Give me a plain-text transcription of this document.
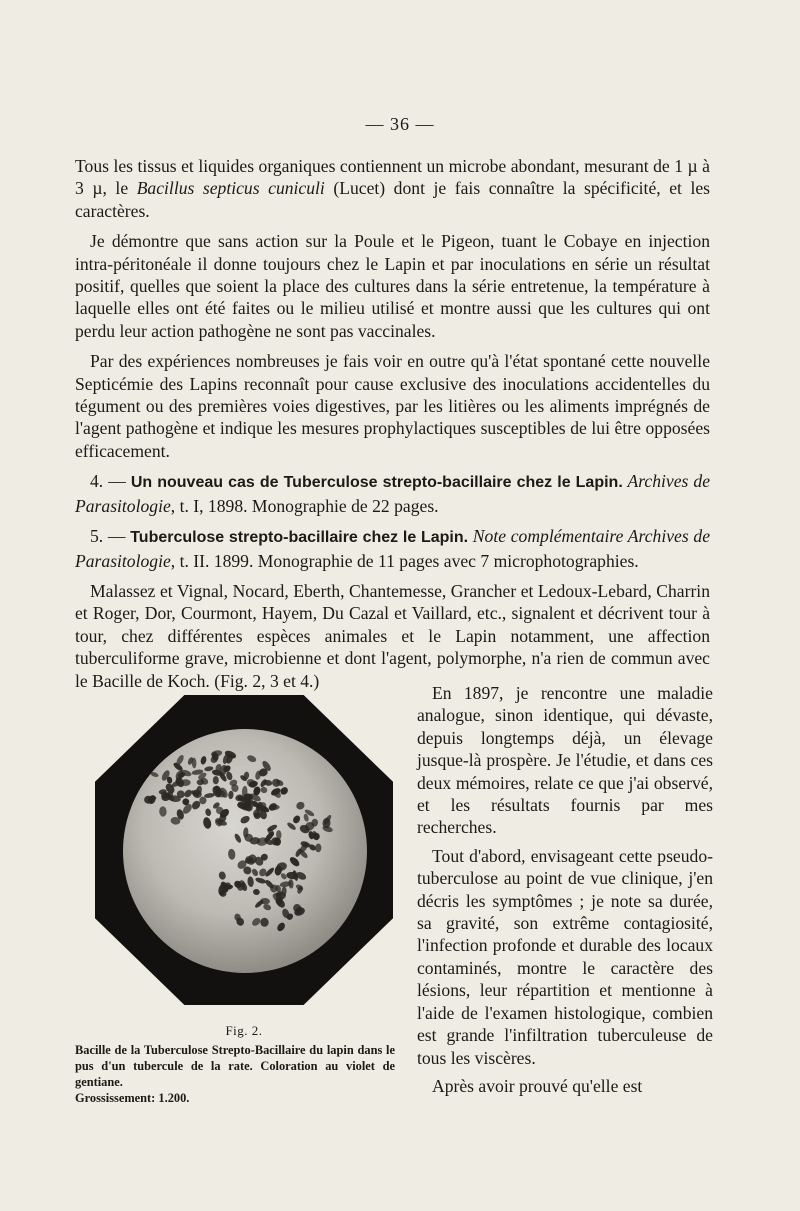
— 36 —

Tous les tissus et liquides organiques contiennent un microbe abondant, mesurant de 1 µ à 3 µ, le Bacillus septicus cuniculi (Lucet) dont je fais connaître la spécificité, et les caractères.

Je démontre que sans action sur la Poule et le Pigeon, tuant le Cobaye en injection intra-péritonéale il donne toujours chez le Lapin et par inoculations en série un résultat positif, quelles que soient la place des cultures dans la série entretenue, la température à laquelle elles ont été faites ou le milieu utilisé et montre aussi que les cultures qui ont perdu leur action pathogène ne sont pas vaccinales.

Par des expériences nombreuses je fais voir en outre qu'à l'état spontané cette nouvelle Septicémie des Lapins reconnaît pour cause exclusive des inoculations accidentelles du tégument ou des premières voies digestives, par les litières ou les aliments imprégnés de l'agent pathogène et indique les mesures prophylactiques susceptibles de lui être opposées efficacement.

4. — Un nouveau cas de Tuberculose strepto-bacillaire chez le Lapin. Archives de Parasitologie, t. I, 1898. Monographie de 22 pages.

5. — Tuberculose strepto-bacillaire chez le Lapin. Note complémentaire Archives de Parasitologie, t. II. 1899. Monographie de 11 pages avec 7 microphotographies.

Malassez et Vignal, Nocard, Eberth, Chantemesse, Grancher et Ledoux-Lebard, Charrin et Roger, Dor, Courmont, Hayem, Du Cazal et Vaillard, etc., signalent et décrivent tour à tour, chez différentes espèces animales et le Lapin notamment, une affection tuberculiforme grave, microbienne et dont l'agent, polymorphe, n'a rien de commun avec le Bacille de Koch. (Fig. 2, 3 et 4.)

Fig. 2.
Bacille de la Tuberculose Strepto-Bacillaire du lapin dans le pus d'un tubercule de la rate. Coloration au violet de gentiane.
Grossissement: 1.200.

En 1897, je rencontre une maladie analogue, sinon identique, qui dévaste, depuis longtemps déjà, un élevage jusque-là prospère. Je l'étudie, et dans ces deux mémoires, relate ce que j'ai observé, et les résultats fournis par mes recherches.

Tout d'abord, envisageant cette pseudo-tuberculose au point de vue clinique, j'en décris les symptômes ; je note sa durée, sa gravité, son extrême contagiosité, l'infection profonde et durable des locaux contaminés, montre le caractère des lésions, leur répartition et mentionne à l'aide de l'examen histologique, combien est grande l'infiltration tuberculeuse de tous les viscères.

Après avoir prouvé qu'elle est
